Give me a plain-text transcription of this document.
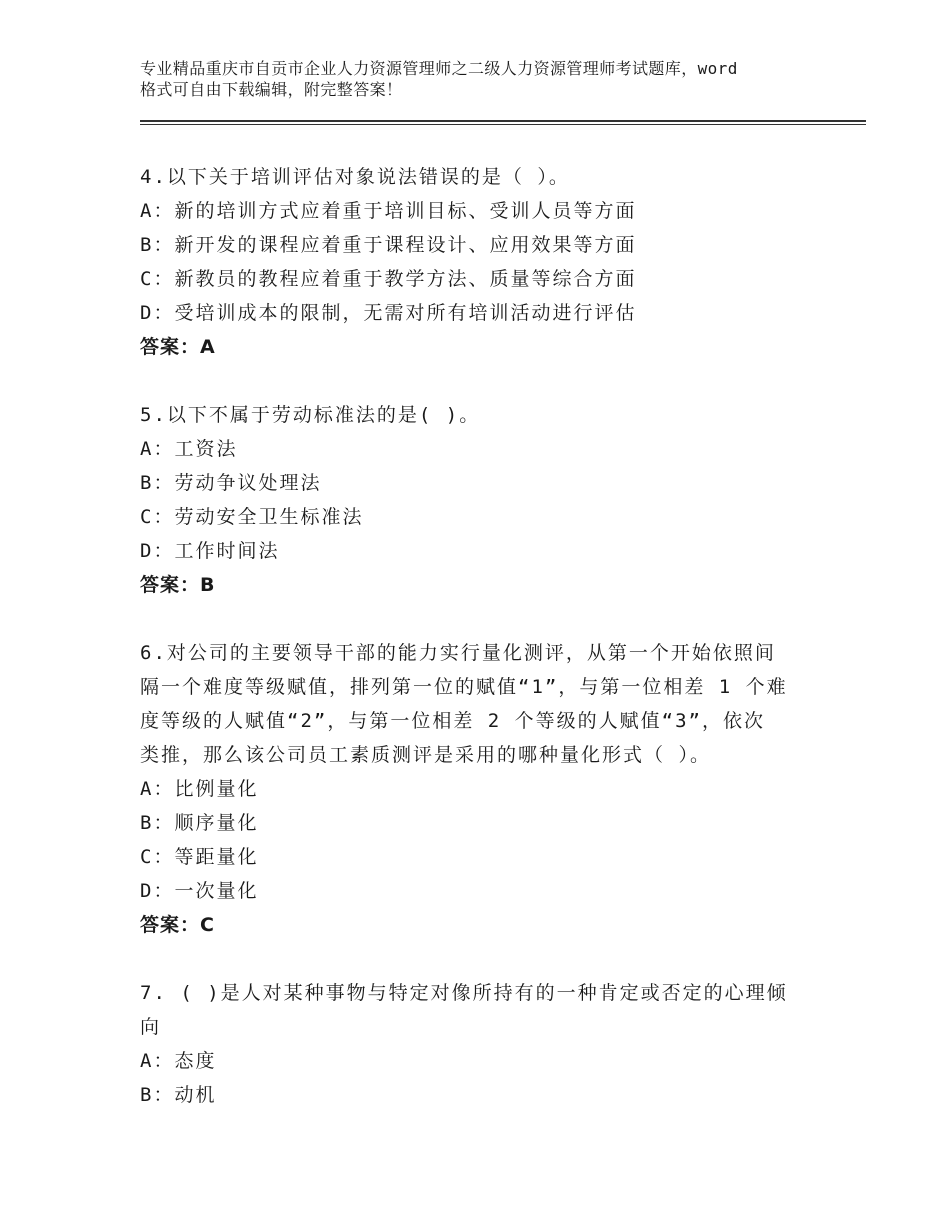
专业精品重庆市自贡市企业人力资源管理师之二级人力资源管理师考试题库，word
格式可自由下载编辑，附完整答案！
4.以下关于培训评估对象说法错误的是（ ）。
A：新的培训方式应着重于培训目标、受训人员等方面
B：新开发的课程应着重于课程设计、应用效果等方面
C：新教员的教程应着重于教学方法、质量等综合方面
D：受培训成本的限制，无需对所有培训活动进行评估
答案：A
5.以下不属于劳动标准法的是( )。
A：工资法
B：劳动争议处理法
C：劳动安全卫生标准法
D：工作时间法
答案：B
6.对公司的主要领导干部的能力实行量化测评，从第一个开始依照间
隔一个难度等级赋值，排列第一位的赋值“1”，与第一位相差 1 个难
度等级的人赋值“2”，与第一位相差 2 个等级的人赋值“3”，依次
类推，那么该公司员工素质测评是采用的哪种量化形式（ ）。
A：比例量化
B：顺序量化
C：等距量化
D：一次量化
答案：C
7. ( )是人对某种事物与特定对像所持有的一种肯定或否定的心理倾
向
A：态度
B：动机
